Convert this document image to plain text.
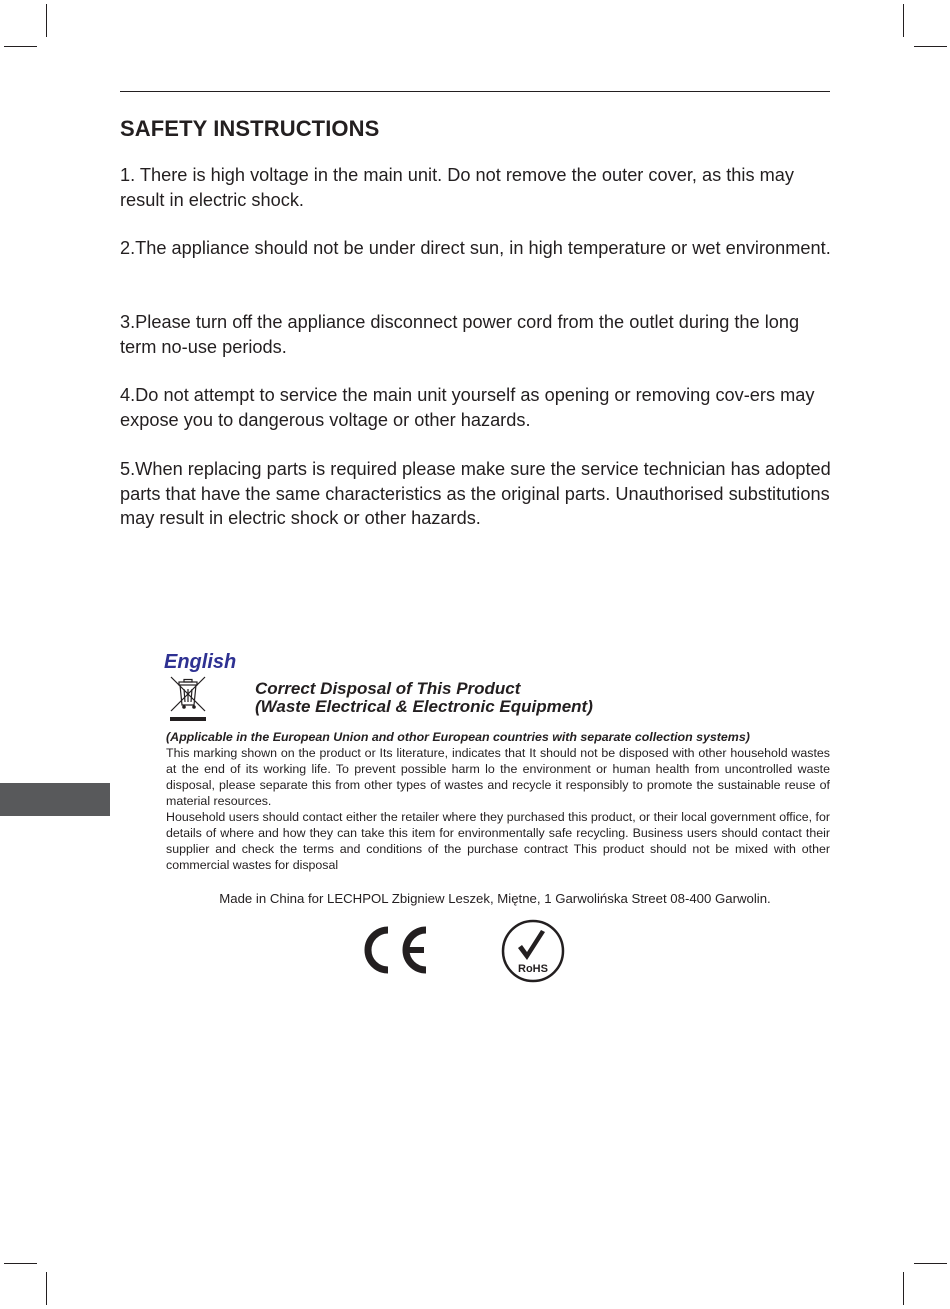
SAFETY INSTRUCTIONS

1. There is high voltage in the main unit. Do not remove the outer cover, as this may result in electric shock.

2.The appliance should not be under direct sun, in high temperature or wet environment.

3.Please turn off the appliance disconnect power cord from the outlet during the long term no-use periods.

4.Do not attempt to service the main unit yourself as opening or removing cov-ers may expose you to dangerous voltage or other hazards.

5.When replacing parts is required please make sure the service technician has adopted parts that have the same characteristics as the original parts. Unauthorised substitutions may result in electric shock or other hazards.

English
Correct Disposal of This Product
(Waste Electrical & Electronic Equipment)

(Applicable in the European Union and othor European countries with separate collection systems)

This marking shown on the product or Its literature, indicates that It should not be disposed with other household wastes at the end of its working life. To prevent possible harm lo the environment or human health from uncontrolled waste disposal, please separate this from other types of wastes and recycle it responsibly to promote the sustainable reuse of material resources.

Household users should contact either the retailer where they purchased this product, or their local government office, for details of where and how they can take this item for environmentally safe recycling. Business users should contact their supplier and check the terms and conditions of the purchase contract This product should not be mixed with other commercial wastes for disposal

Made in China for LECHPOL Zbigniew Leszek, Miętne, 1 Garwolińska Street 08-400 Garwolin.
RoHS
